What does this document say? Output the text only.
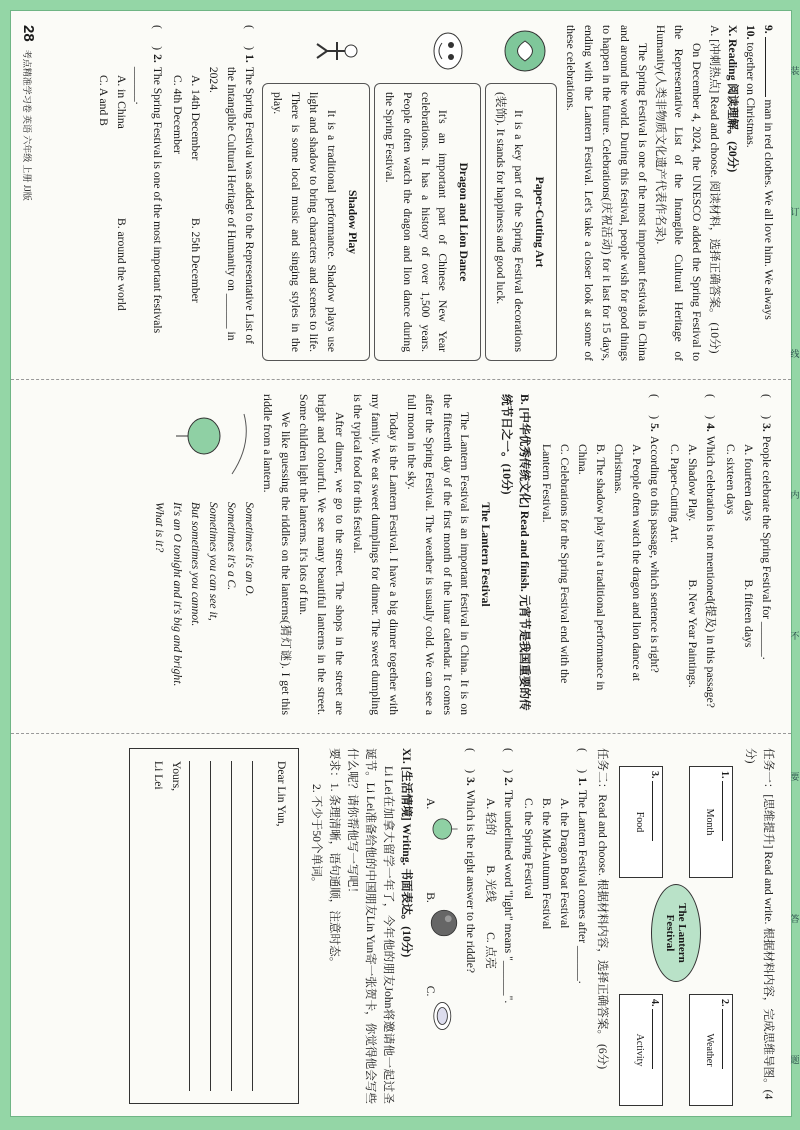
9.  man in red clothes. We all love him. We always

10. together on Christmas.

X. Reading 阅读理解。(20分)

A. [冲刺热点] Read and choose. 阅读材料，选择正确答案。 (10分)

On December 4, 2024, the UNESCO added the Spring Festival to the Representative List of the Intangible Cultural Heritage of Humanity(人类非物质文化遗产代表作名录).

The Spring Festival is one of the most important festivals in China and around the world. During this festival, people wish for good things to happen in the future. Celebrations(庆祝活动) for it last for 15 days, ending with the Lantern Festival. Let's take a closer look at some of these celebrations.

Paper-Cutting Art

It is a key part of the Spring Festival decorations (装饰). It stands for happiness and good luck.

Dragon and Lion Dance

It's an important part of Chinese New Year celebrations. It has a history of over 1,500 years. People often watch the dragon and lion dance during the Spring Festival.

Shadow Play

It is a traditional performance. Shadow plays use light and shadow to bring characters and scenes to life. There is some local music and singing styles in the play.

(      )
1.
The Spring Festival was added to the Representative List of the Intangible Cultural Heritage of Humanity on ______ in 2024.
A. 14th December
B. 25th December
C. 4th December
(      )
2.
The Spring Festival is one of the most important festivals ______.
A. in China
B. around the world
C. A and B
28考点精准学习卷 英语 六年级 上册 JJ版
(      )
3.
People celebrate the Spring Festival for ______.
A. fourteen days
B. fifteen days
C. sixteen days
(      )
4.
Which celebration is not mentioned(提及) in this passage?
A. Shadow Play.
B. New Year Paintings.
C. Paper-Cutting Art.
(      )
5.
According to this passage, which sentence is right?
A. People often watch the dragon and lion dance at Christmas.
B. The shadow play isn't a traditional performance in China.
C. Celebrations for the Spring Festival end with the Lantern Festival.

B. [中华优秀传统文化] Read and finish. 元宵节是我国重要的传统节日之一。(10分)

The Lantern Festival

The Lantern Festival is an important festival in China. It is on the fifteenth day of the first month of the lunar calendar. It comes after the Spring Festival. The weather is usually cold. We can see a full moon in the sky.

Today is the Lantern Festival. I have a big dinner together with my family. We eat sweet dumplings for dinner. The sweet dumpling is the typical food for this festival.

After dinner, we go to the street. The shops in the street are bright and colourful. We see many beautiful lanterns in the street. Some children light the lanterns. It's lots of fun.

We like guessing the riddles on the lanterns(猜灯谜). I get this riddle from a lantern.

Sometimes it's an O.

Sometimes it's a C.

Sometimes you can see it,

But sometimes you cannot.

It's an O tonight and it's big and bright.

What is it?

任务一：[思维提升] Read and write. 根据材料内容，完成思维导图。(4分)

The Lantern Festival
1.
Month
2.
Weather
3.
Food
4.
Activity

任务二：Read and choose. 根据材料内容，选择正确答案。 (6分)

(      )
1.
The Lantern Festival comes after ______.
A. the Dragon Boat Festival
B. the Mid-Autumn Festival
C. the Spring Festival
(      )
2.
The underlined word "light" means "______".
A. 轻的
B. 光线
C. 点亮
(      )
3.
Which is the right answer to the riddle?
A.
B.
C.

XI. [生活情境] Writing. 书面表达。(10分)

Li Lei在加拿大留学一年了，今年他的朋友John将邀请他一起过圣诞节。Li Lei准备给他的中国朋友Lin Yun寄一张贺卡，你觉得他会写些什么呢？请你帮他写一写吧！

要求：1. 条理清晰，语句通顺，注意时态。

2. 不少于50个单词。

Dear Lin Yun,

Yours,

Li Lei

装
订
线
内
不
要
答
题
